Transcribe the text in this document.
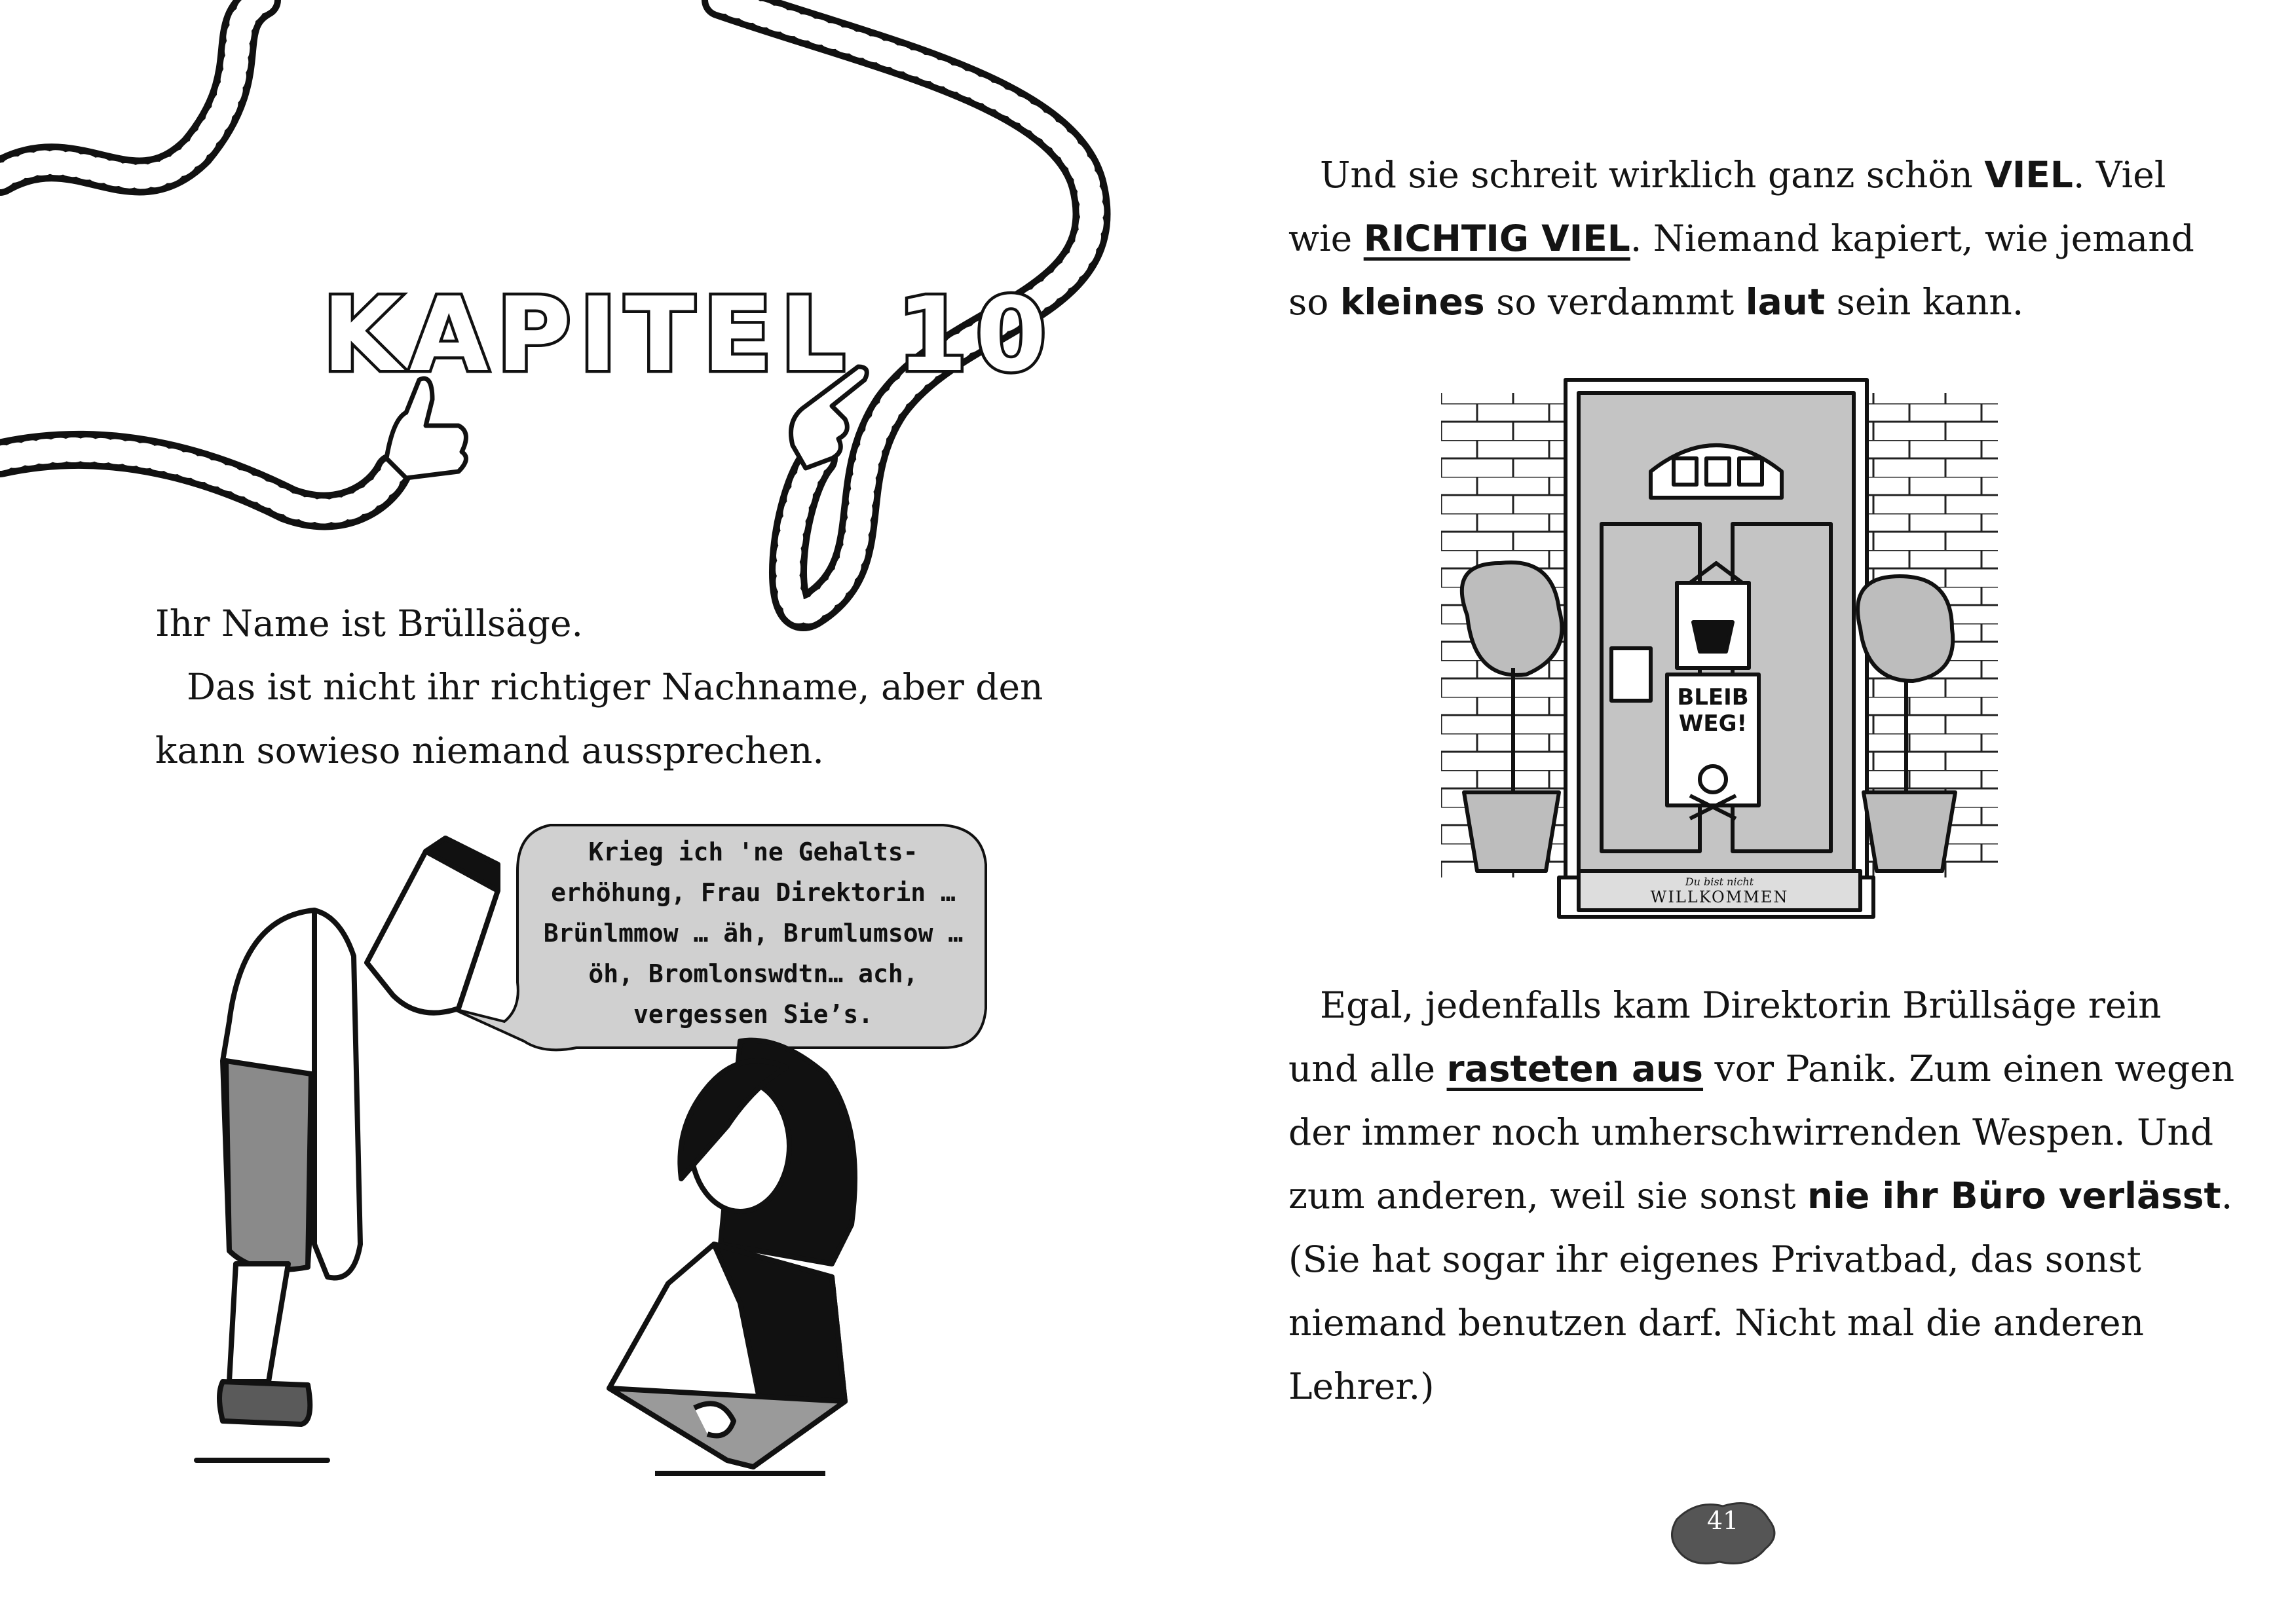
KAPITEL 10
Ihr Name ist Brüllsäge.
Das ist nicht ihr richtiger Nachname, aber den
kann sowieso niemand aussprechen.
Krieg ich 'ne Gehalts-
erhöhung, Frau Direktorin …
Brünlmmow … äh, Brumlumsow …
öh, Bromlonswdtn… ach,
vergessen Sie’s.
Und sie schreit wirklich ganz schön VIEL. Viel
wie RICHTIG VIEL. Niemand kapiert, wie jemand
so kleines so verdammt laut sein kann.
BLEIB
WEG!
Du bist nicht
WILLKOMMEN
Egal, jedenfalls kam Direktorin Brüllsäge rein
und alle rasteten aus vor Panik. Zum einen wegen
der immer noch umherschwirrenden Wespen. Und
zum anderen, weil sie sonst nie ihr Büro verlässt.
(Sie hat sogar ihr eigenes Privatbad, das sonst
niemand benutzen darf. Nicht mal die anderen
Lehrer.)
41
